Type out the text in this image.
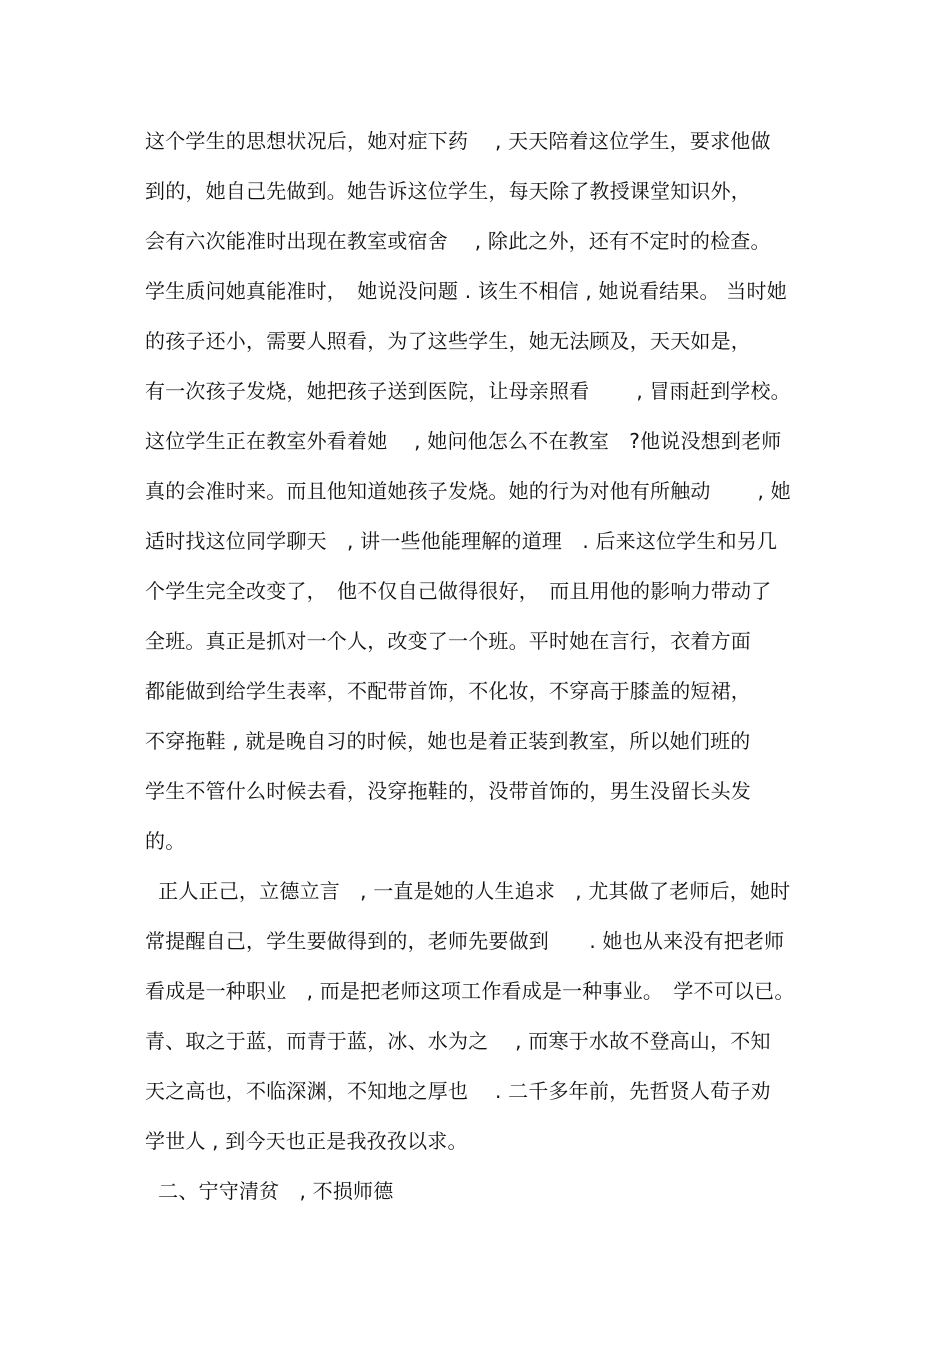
这个学生的思想状况后，她对症下药　 , 天天陪着这位学生，要求他做
到的，她自己先做到。她告诉这位学生，每天除了教授课堂知识外，
会有六次能准时出现在教室或宿舍　 , 除此之外，还有不定时的检查。
学生质问她真能准时，　她说没问题 . 该生不相信 , 她说看结果。 当时她
的孩子还小，需要人照看，为了这些学生，她无法顾及，天天如是，
有一次孩子发烧，她把孩子送到医院，让母亲照看　　 , 冒雨赶到学校。
这位学生正在教室外看着她　 , 她问他怎么不在教室　?他说没想到老师
真的会准时来。而且他知道她孩子发烧。她的行为对他有所触动　　 , 她
适时找这位同学聊天　, 讲一些他能理解的道理　. 后来这位学生和另几
个学生完全改变了，　他不仅自己做得很好，　而且用他的影响力带动了
全班。真正是抓对一个人，改变了一个班。平时她在言行，衣着方面
都能做到给学生表率，不配带首饰，不化妆，不穿高于膝盖的短裙，
不穿拖鞋 , 就是晚自习的时候，她也是着正装到教室，所以她们班的
学生不管什么时候去看，没穿拖鞋的，没带首饰的，男生没留长头发
的。
正人正己，立德立言　, 一直是她的人生追求　, 尤其做了老师后，她时
常提醒自己，学生要做得到的，老师先要做到　　. 她也从来没有把老师
看成是一种职业　, 而是把老师这项工作看成是一种事业。　学不可以已。
青、取之于蓝，而青于蓝，冰、水为之　 , 而寒于水故不登高山，不知
天之高也，不临深渊，不知地之厚也　 . 二千多年前，先哲贤人荀子劝
学世人 , 到今天也正是我孜孜以求。
二、宁守清贫　, 不损师德
